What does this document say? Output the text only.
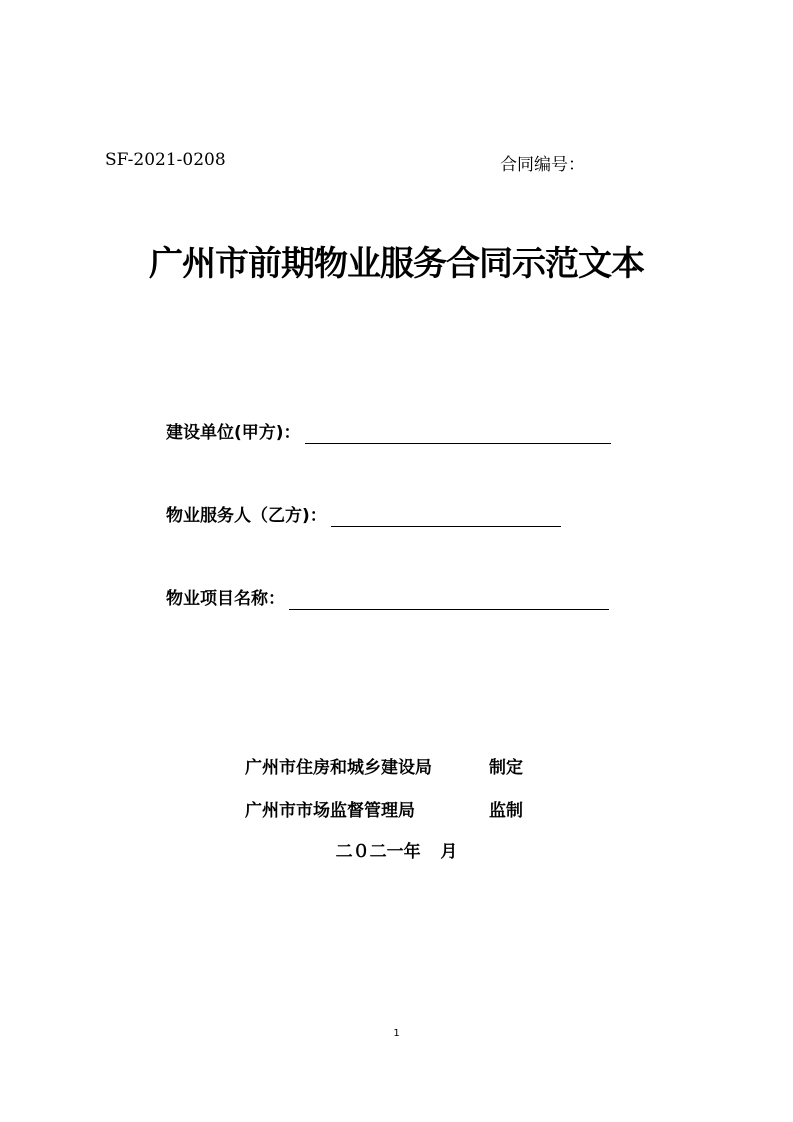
SF-2021-0208	合同编号：
广州市前期物业服务合同示范文本
建设单位(甲方)：
物业服务人（乙方)：
物业项目名称：
广州市住房和城乡建设局	制定
广州市市场监督管理局	监制
二０二一年 月
1
